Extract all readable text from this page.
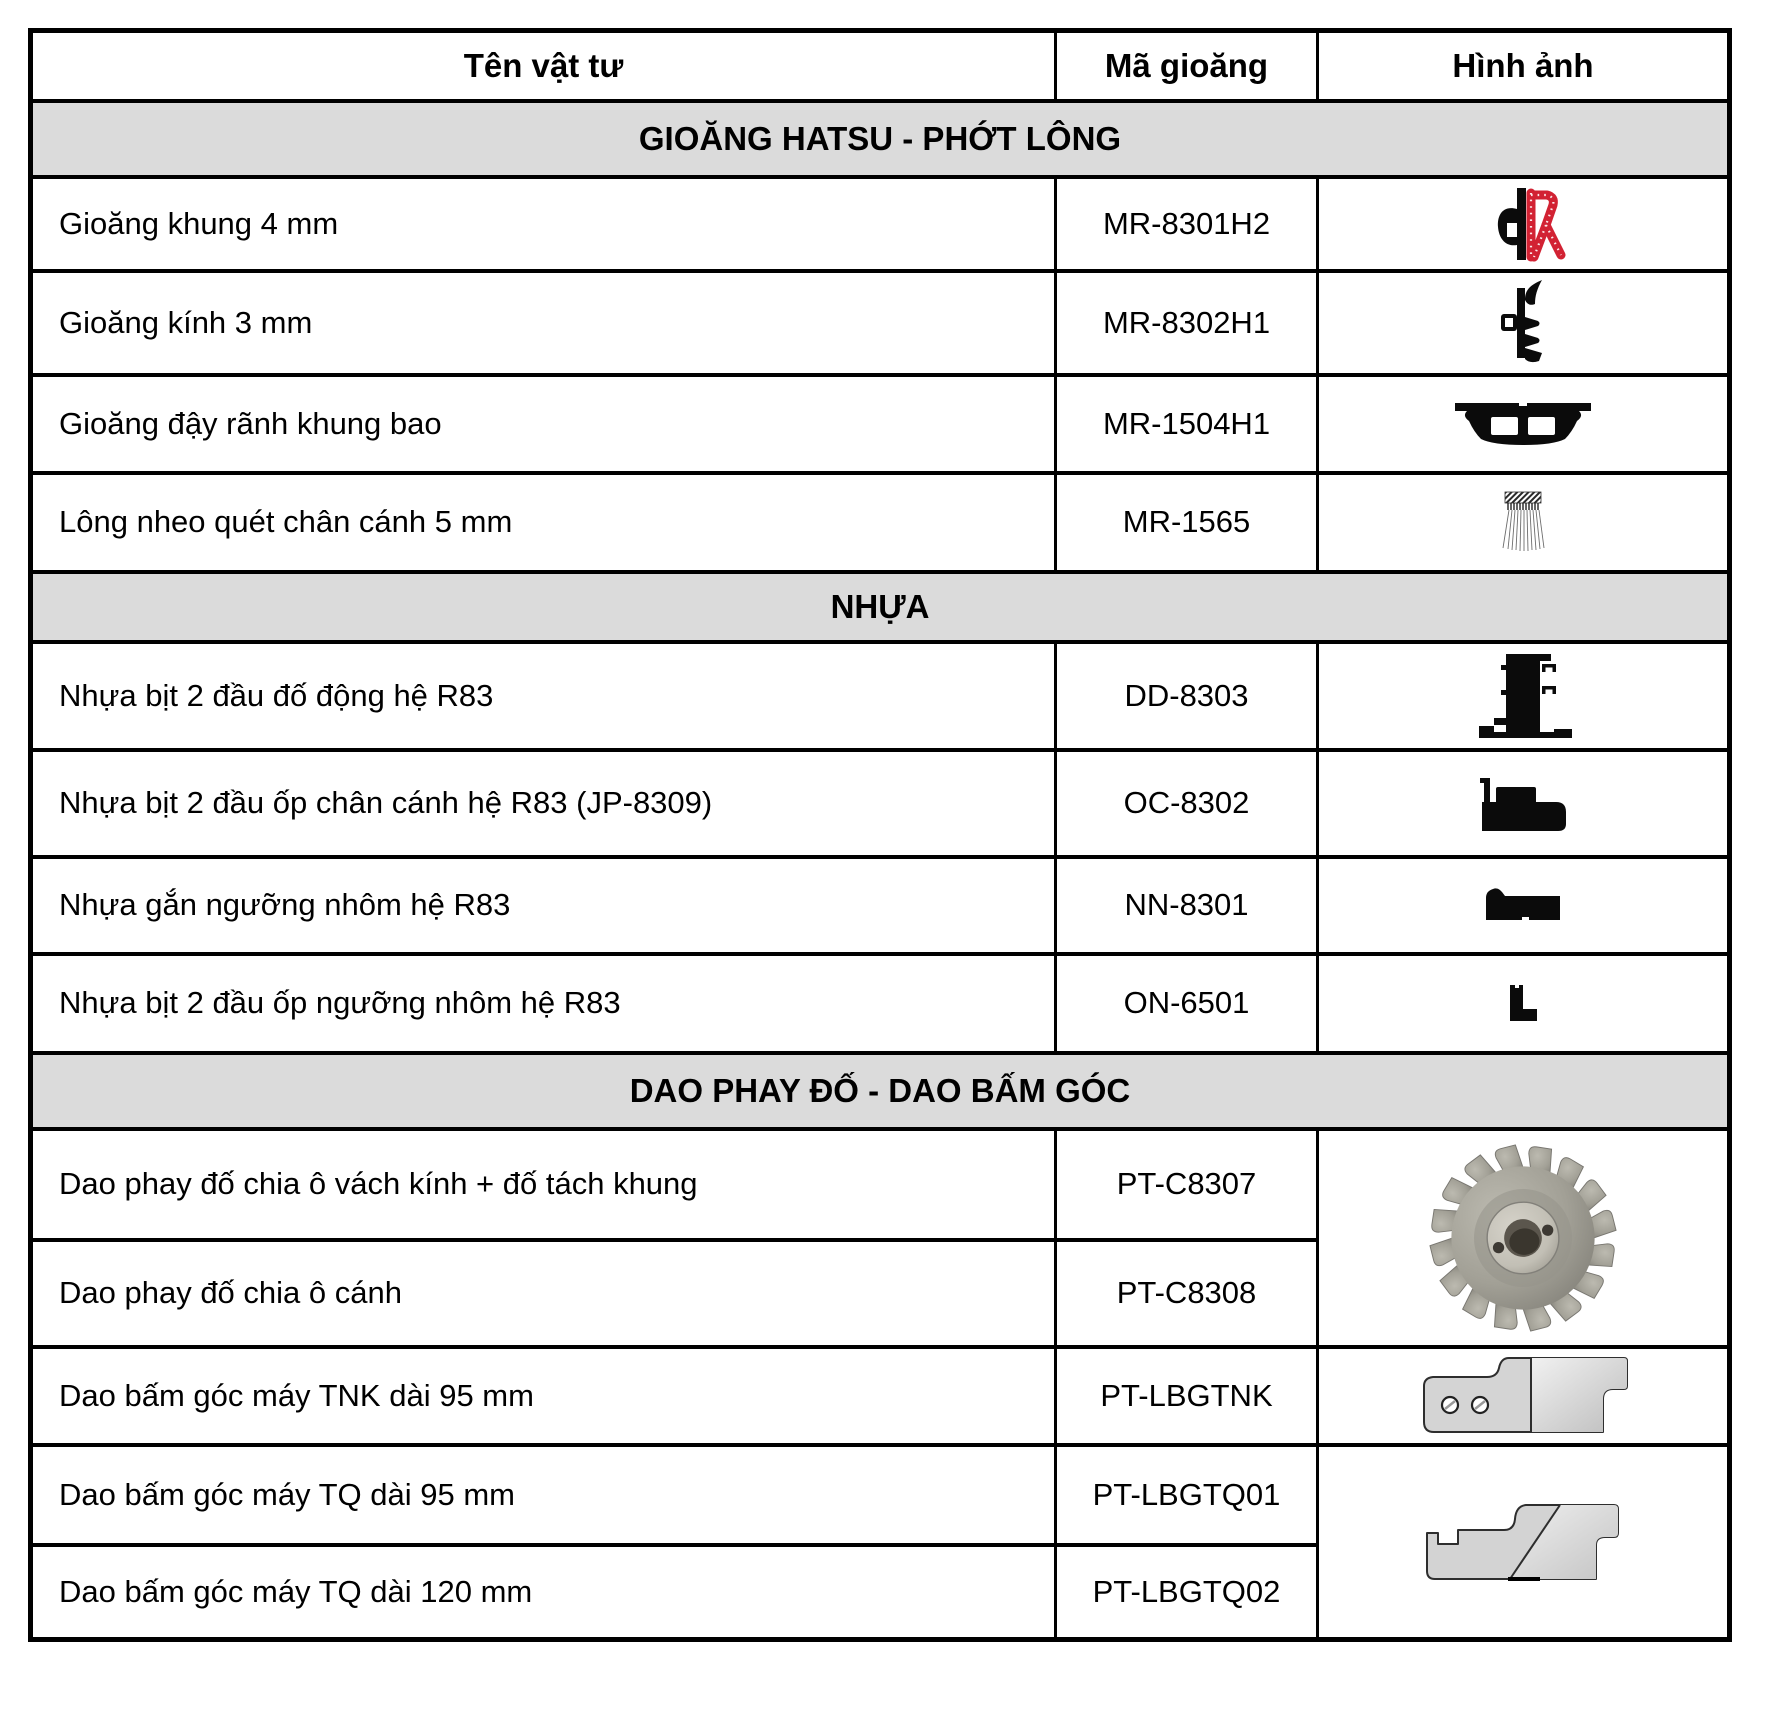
Tên vật tư	Mã gioăng	Hình ảnh
GIOĂNG HATSU - PHỚT LÔNG		
Gioăng khung 4 mm	MR-8301H2	
Gioăng kính 3 mm	MR-8302H1	
Gioăng đậy rãnh khung bao	MR-1504H1	
Lông nheo quét chân cánh 5 mm	MR-1565	
NHỰA		
Nhựa bịt 2 đầu đố động hệ R83	DD-8303	
Nhựa bịt 2 đầu ốp chân cánh hệ R83 (JP-8309)	OC-8302	
Nhựa gắn ngưỡng nhôm hệ R83	NN-8301	
Nhựa bịt 2 đầu ốp ngưỡng nhôm hệ R83	ON-6501	
DAO PHAY ĐỐ - DAO BẤM GÓC		
Dao phay đố chia ô vách kính + đố tách khung	PT-C8307	
Dao phay đố chia ô cánh	PT-C8308	
Dao bấm góc máy TNK dài 95 mm	PT-LBGTNK	
Dao bấm góc máy TQ dài 95 mm	PT-LBGTQ01	
Dao bấm góc máy TQ dài 120 mm	PT-LBGTQ02	
